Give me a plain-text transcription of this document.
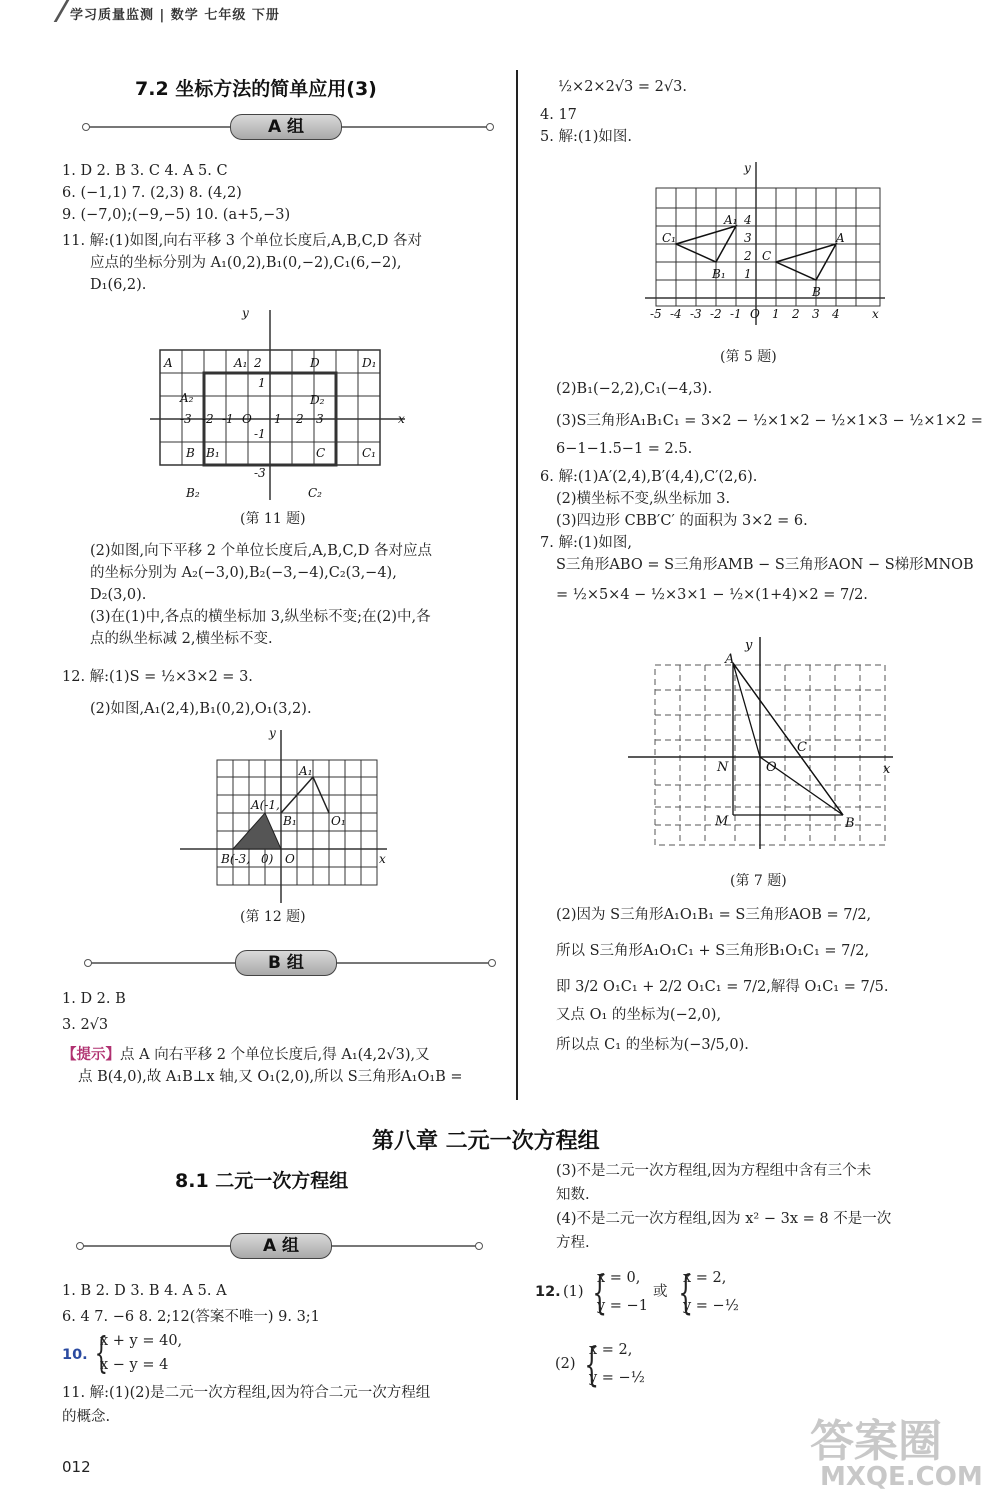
学习质量监测 | 数学 七年级 下册
7.2 坐标方法的简单应用(3)
A 组
1. D 2. B 3. C 4. A 5. C
6. (−1,1) 7. (2,3) 8. (4,2)
9. (−7,0);(−9,−5) 10. (a+5,−3)
11. 解:(1)如图,向右平移 3 个单位长度后,A,B,C,D 各对
应点的坐标分别为 A₁(0,2),B₁(0,−2),C₁(6,−2),
D₁(6,2).
A	A₁ 2	D	D₁
1
A₂	D₂
-3 -2 -1 O 1 2 3
-1
B B₁	C	C₁
-3
B₂	C₂
x
y
(第 11 题)
(2)如图,向下平移 2 个单位长度后,A,B,C,D 各对应点
的坐标分别为 A₂(−3,0),B₂(−3,−4),C₂(3,−4),
D₂(3,0).
(3)在(1)中,各点的横坐标加 3,纵坐标不变;在(2)中,各
点的纵坐标减 2,横坐标不变.
12. 解:(1)S = ½×3×2 = 3.
(2)如图,A₁(2,4),B₁(0,2),O₁(3,2).
A₁
A(-1,
B₁	O₁
B(-3, 0) O	x
y
(第 12 题)
B 组
1. D 2. B
3. 2√3
【提示】点 A 向右平移 2 个单位长度后,得 A₁(4,2√3),又
点 B(4,0),故 A₁B⊥x 轴,又 O₁(2,0),所以 S三角形A₁O₁B =
½×2×2√3 = 2√3.
4. 17
5. 解:(1)如图.
A₁ 4
C₁	3	A
2 C
B₁ 1
B
-5 -4 -3 -2 -1 O 1 2 3 4	x
y
(第 5 题)
(2)B₁(−2,2),C₁(−4,3).
(3)S三角形A₁B₁C₁ = 3×2 − ½×1×2 − ½×1×3 − ½×1×2 =
6−1−1.5−1 = 2.5.
6. 解:(1)A′(2,4),B′(4,4),C′(2,6).
(2)横坐标不变,纵坐标加 3.
(3)四边形 CBB′C′ 的面积为 3×2 = 6.
7. 解:(1)如图,
S三角形ABO = S三角形AMB − S三角形AON − S梯形MNOB
= ½×5×4 − ½×3×1 − ½×(1+4)×2 = 7/2.
A
C
N	O
M	B
x
y
(第 7 题)
(2)因为 S三角形A₁O₁B₁ = S三角形AOB = 7/2,
所以 S三角形A₁O₁C₁ + S三角形B₁O₁C₁ = 7/2,
即 3/2 O₁C₁ + 2/2 O₁C₁ = 7/2,解得 O₁C₁ = 7/5.
又点 O₁ 的坐标为(−2,0),
所以点 C₁ 的坐标为(−3/5,0).
第八章 二元一次方程组
8.1 二元一次方程组
A 组
1. B 2. D 3. B 4. A 5. A
6. 4 7. −6 8. 2;12(答案不唯一) 9. 3;1
10. {
x + y = 40,
x − y = 4
11. 解:(1)(2)是二元一次方程组,因为符合二元一次方程组
的概念.
(3)不是二元一次方程组,因为方程组中含有三个未
知数.
(4)不是二元一次方程组,因为 x² − 3x = 8 不是一次
方程.
12. (1) {
x = 0,
y = −1
或 {
x = 2,
y = −½
(2) {
x = 2,
y = −½
012	答案圈
MXQE.COM
